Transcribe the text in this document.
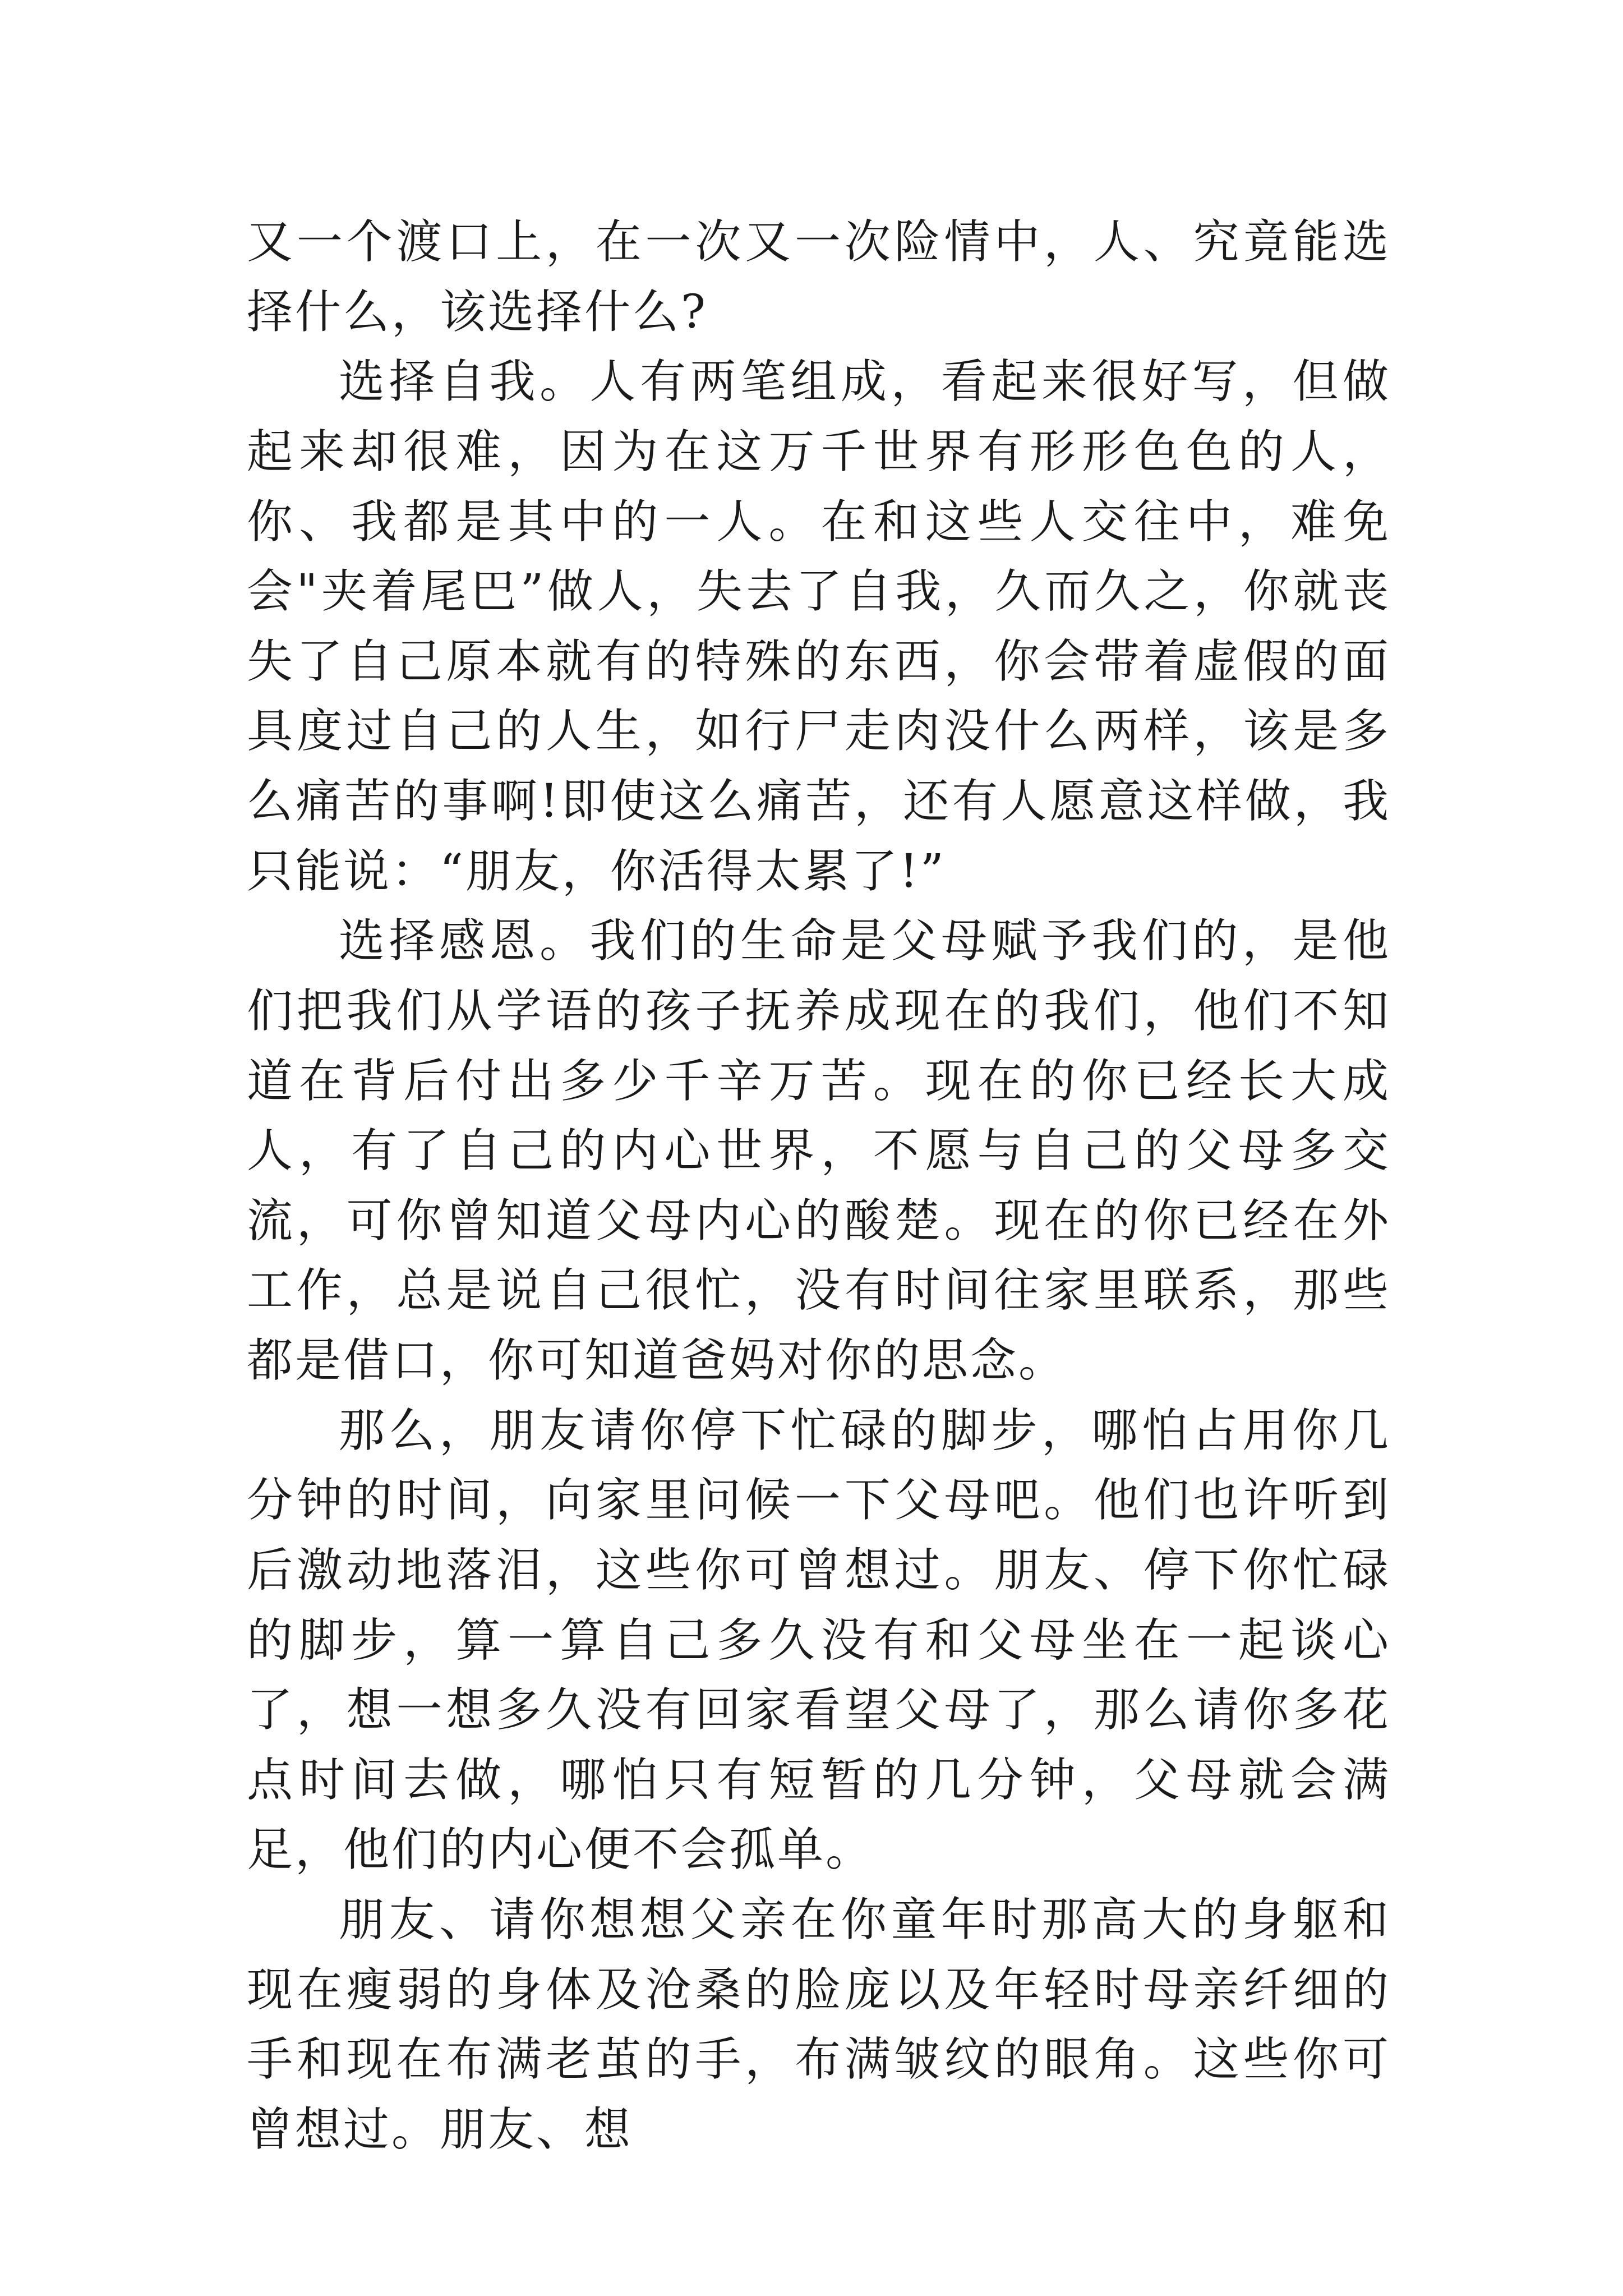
又一个渡口上，在一次又一次险情中，人、究竟能选择什么，该选择什么?

选择自我。人有两笔组成，看起来很好写，但做起来却很难，因为在这万千世界有形形色色的人，你、我都是其中的一人。在和这些人交往中，难免会"夹着尾巴”做人，失去了自我，久而久之，你就丧失了自己原本就有的特殊的东西，你会带着虚假的面具度过自己的人生，如行尸走肉没什么两样，该是多么痛苦的事啊!即使这么痛苦，还有人愿意这样做，我只能说：“朋友，你活得太累了!”

选择感恩。我们的生命是父母赋予我们的，是他们把我们从学语的孩子抚养成现在的我们，他们不知道在背后付出多少千辛万苦。现在的你已经长大成人，有了自己的内心世界，不愿与自己的父母多交流，可你曾知道父母内心的酸楚。现在的你已经在外工作，总是说自己很忙，没有时间往家里联系，那些都是借口，你可知道爸妈对你的思念。

那么，朋友请你停下忙碌的脚步，哪怕占用你几分钟的时间，向家里问候一下父母吧。他们也许听到后激动地落泪，这些你可曾想过。朋友、停下你忙碌的脚步，算一算自己多久没有和父母坐在一起谈心了，想一想多久没有回家看望父母了，那么请你多花点时间去做，哪怕只有短暂的几分钟，父母就会满足，他们的内心便不会孤单。

朋友、请你想想父亲在你童年时那高大的身躯和现在瘦弱的身体及沧桑的脸庞以及年轻时母亲纤细的手和现在布满老茧的手，布满皱纹的眼角。这些你可曾想过。朋友、想
